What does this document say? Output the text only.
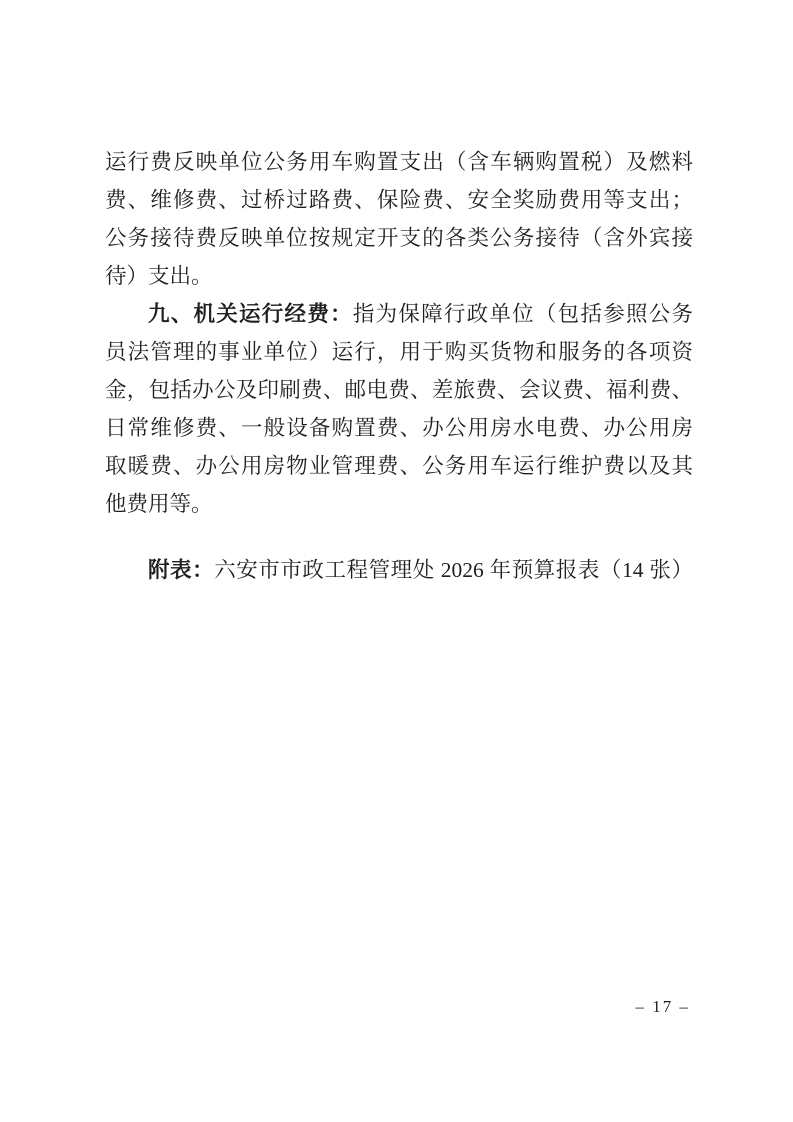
运行费反映单位公务用车购置支出（含车辆购置税）及燃料
费、维修费、过桥过路费、保险费、安全奖励费用等支出；
公务接待费反映单位按规定开支的各类公务接待（含外宾接
待）支出。
九、机关运行经费：指为保障行政单位（包括参照公务
员法管理的事业单位）运行，用于购买货物和服务的各项资
金，包括办公及印刷费、邮电费、差旅费、会议费、福利费、
日常维修费、一般设备购置费、办公用房水电费、办公用房
取暖费、办公用房物业管理费、公务用车运行维护费以及其
他费用等。
附表：六安市市政工程管理处 2026 年预算报表（14 张）
– 17 –
